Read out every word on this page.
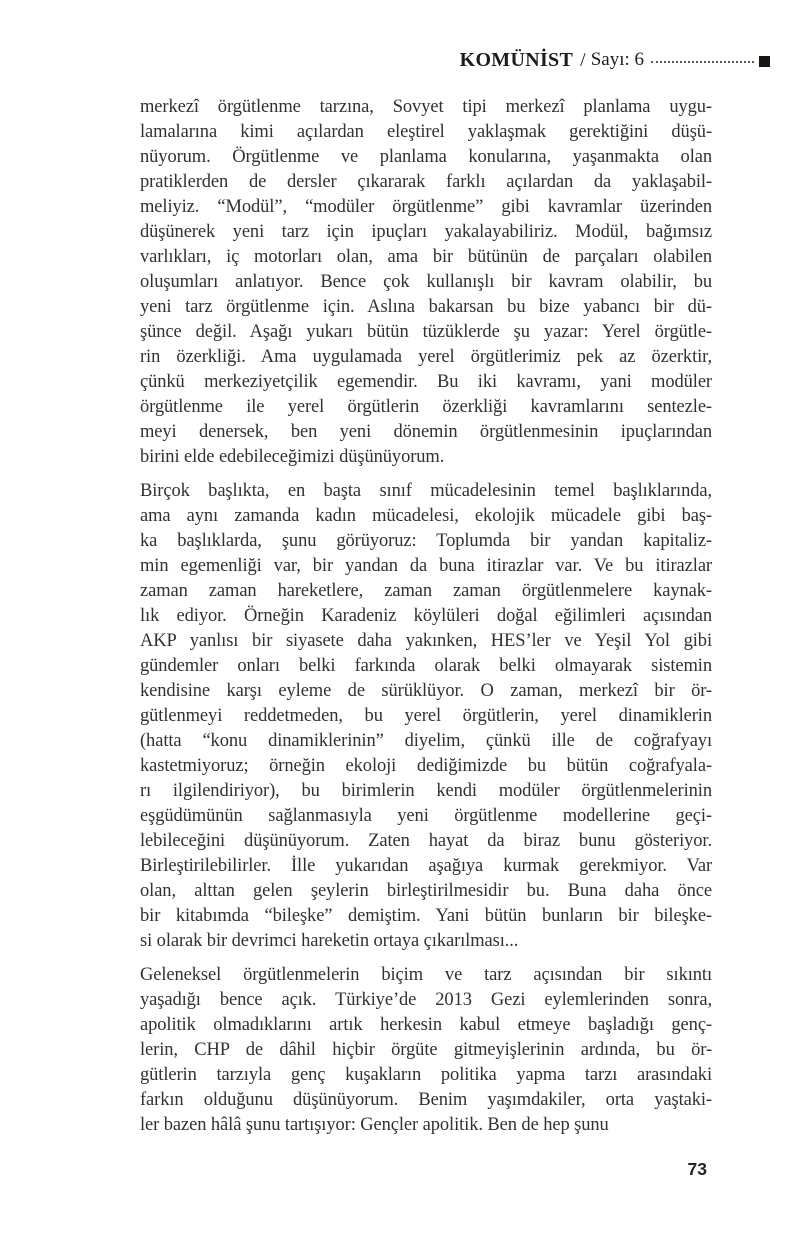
KOMÜNİST / Sayı: 6
merkezî örgütlenme tarzına, Sovyet tipi merkezî planlama uygu-
lamalarına kimi açılardan eleştirel yaklaşmak gerektiğini düşü-
nüyorum. Örgütlenme ve planlama konularına, yaşanmakta olan
pratiklerden de dersler çıkararak farklı açılardan da yaklaşabil-
meliyiz. “Modül”, “modüler örgütlenme” gibi kavramlar üzerinden
düşünerek yeni tarz için ipuçları yakalayabiliriz. Modül, bağımsız
varlıkları, iç motorları olan, ama bir bütünün de parçaları olabilen
oluşumları anlatıyor. Bence çok kullanışlı bir kavram olabilir, bu
yeni tarz örgütlenme için. Aslına bakarsan bu bize yabancı bir dü-
şünce değil. Aşağı yukarı bütün tüzüklerde şu yazar: Yerel örgütle-
rin özerkliği. Ama uygulamada yerel örgütlerimiz pek az özerktir,
çünkü merkeziyetçilik egemendir. Bu iki kavramı, yani modüler
örgütlenme ile yerel örgütlerin özerkliği kavramlarını sentezle-
meyi denersek, ben yeni dönemin örgütlenmesinin ipuçlarından
birini elde edebileceğimizi düşünüyorum.
Birçok başlıkta, en başta sınıf mücadelesinin temel başlıklarında,
ama aynı zamanda kadın mücadelesi, ekolojik mücadele gibi baş-
ka başlıklarda, şunu görüyoruz: Toplumda bir yandan kapitaliz-
min egemenliği var, bir yandan da buna itirazlar var. Ve bu itirazlar
zaman zaman hareketlere, zaman zaman örgütlenmelere kaynak-
lık ediyor. Örneğin Karadeniz köylüleri doğal eğilimleri açısından
AKP yanlısı bir siyasete daha yakınken, HES’ler ve Yeşil Yol gibi
gündemler onları belki farkında olarak belki olmayarak sistemin
kendisine karşı eyleme de sürüklüyor. O zaman, merkezî bir ör-
gütlenmeyi reddetmeden, bu yerel örgütlerin, yerel dinamiklerin
(hatta “konu dinamiklerinin” diyelim, çünkü ille de coğrafyayı
kastetmiyoruz; örneğin ekoloji dediğimizde bu bütün coğrafyala-
rı ilgilendiriyor), bu birimlerin kendi modüler örgütlenmelerinin
eşgüdümünün sağlanmasıyla yeni örgütlenme modellerine geçi-
lebileceğini düşünüyorum. Zaten hayat da biraz bunu gösteriyor.
Birleştirilebilirler. İlle yukarıdan aşağıya kurmak gerekmiyor. Var
olan, alttan gelen şeylerin birleştirilmesidir bu. Buna daha önce
bir kitabımda “bileşke” demiştim. Yani bütün bunların bir bileşke-
si olarak bir devrimci hareketin ortaya çıkarılması...
Geleneksel örgütlenmelerin biçim ve tarz açısından bir sıkıntı
yaşadığı bence açık. Türkiye’de 2013 Gezi eylemlerinden sonra,
apolitik olmadıklarını artık herkesin kabul etmeye başladığı genç-
lerin, CHP de dâhil hiçbir örgüte gitmeyişlerinin ardında, bu ör-
gütlerin tarzıyla genç kuşakların politika yapma tarzı arasındaki
farkın olduğunu düşünüyorum. Benim yaşımdakiler, orta yaştaki-
ler bazen hâlâ şunu tartışıyor: Gençler apolitik. Ben de hep şunu
73
